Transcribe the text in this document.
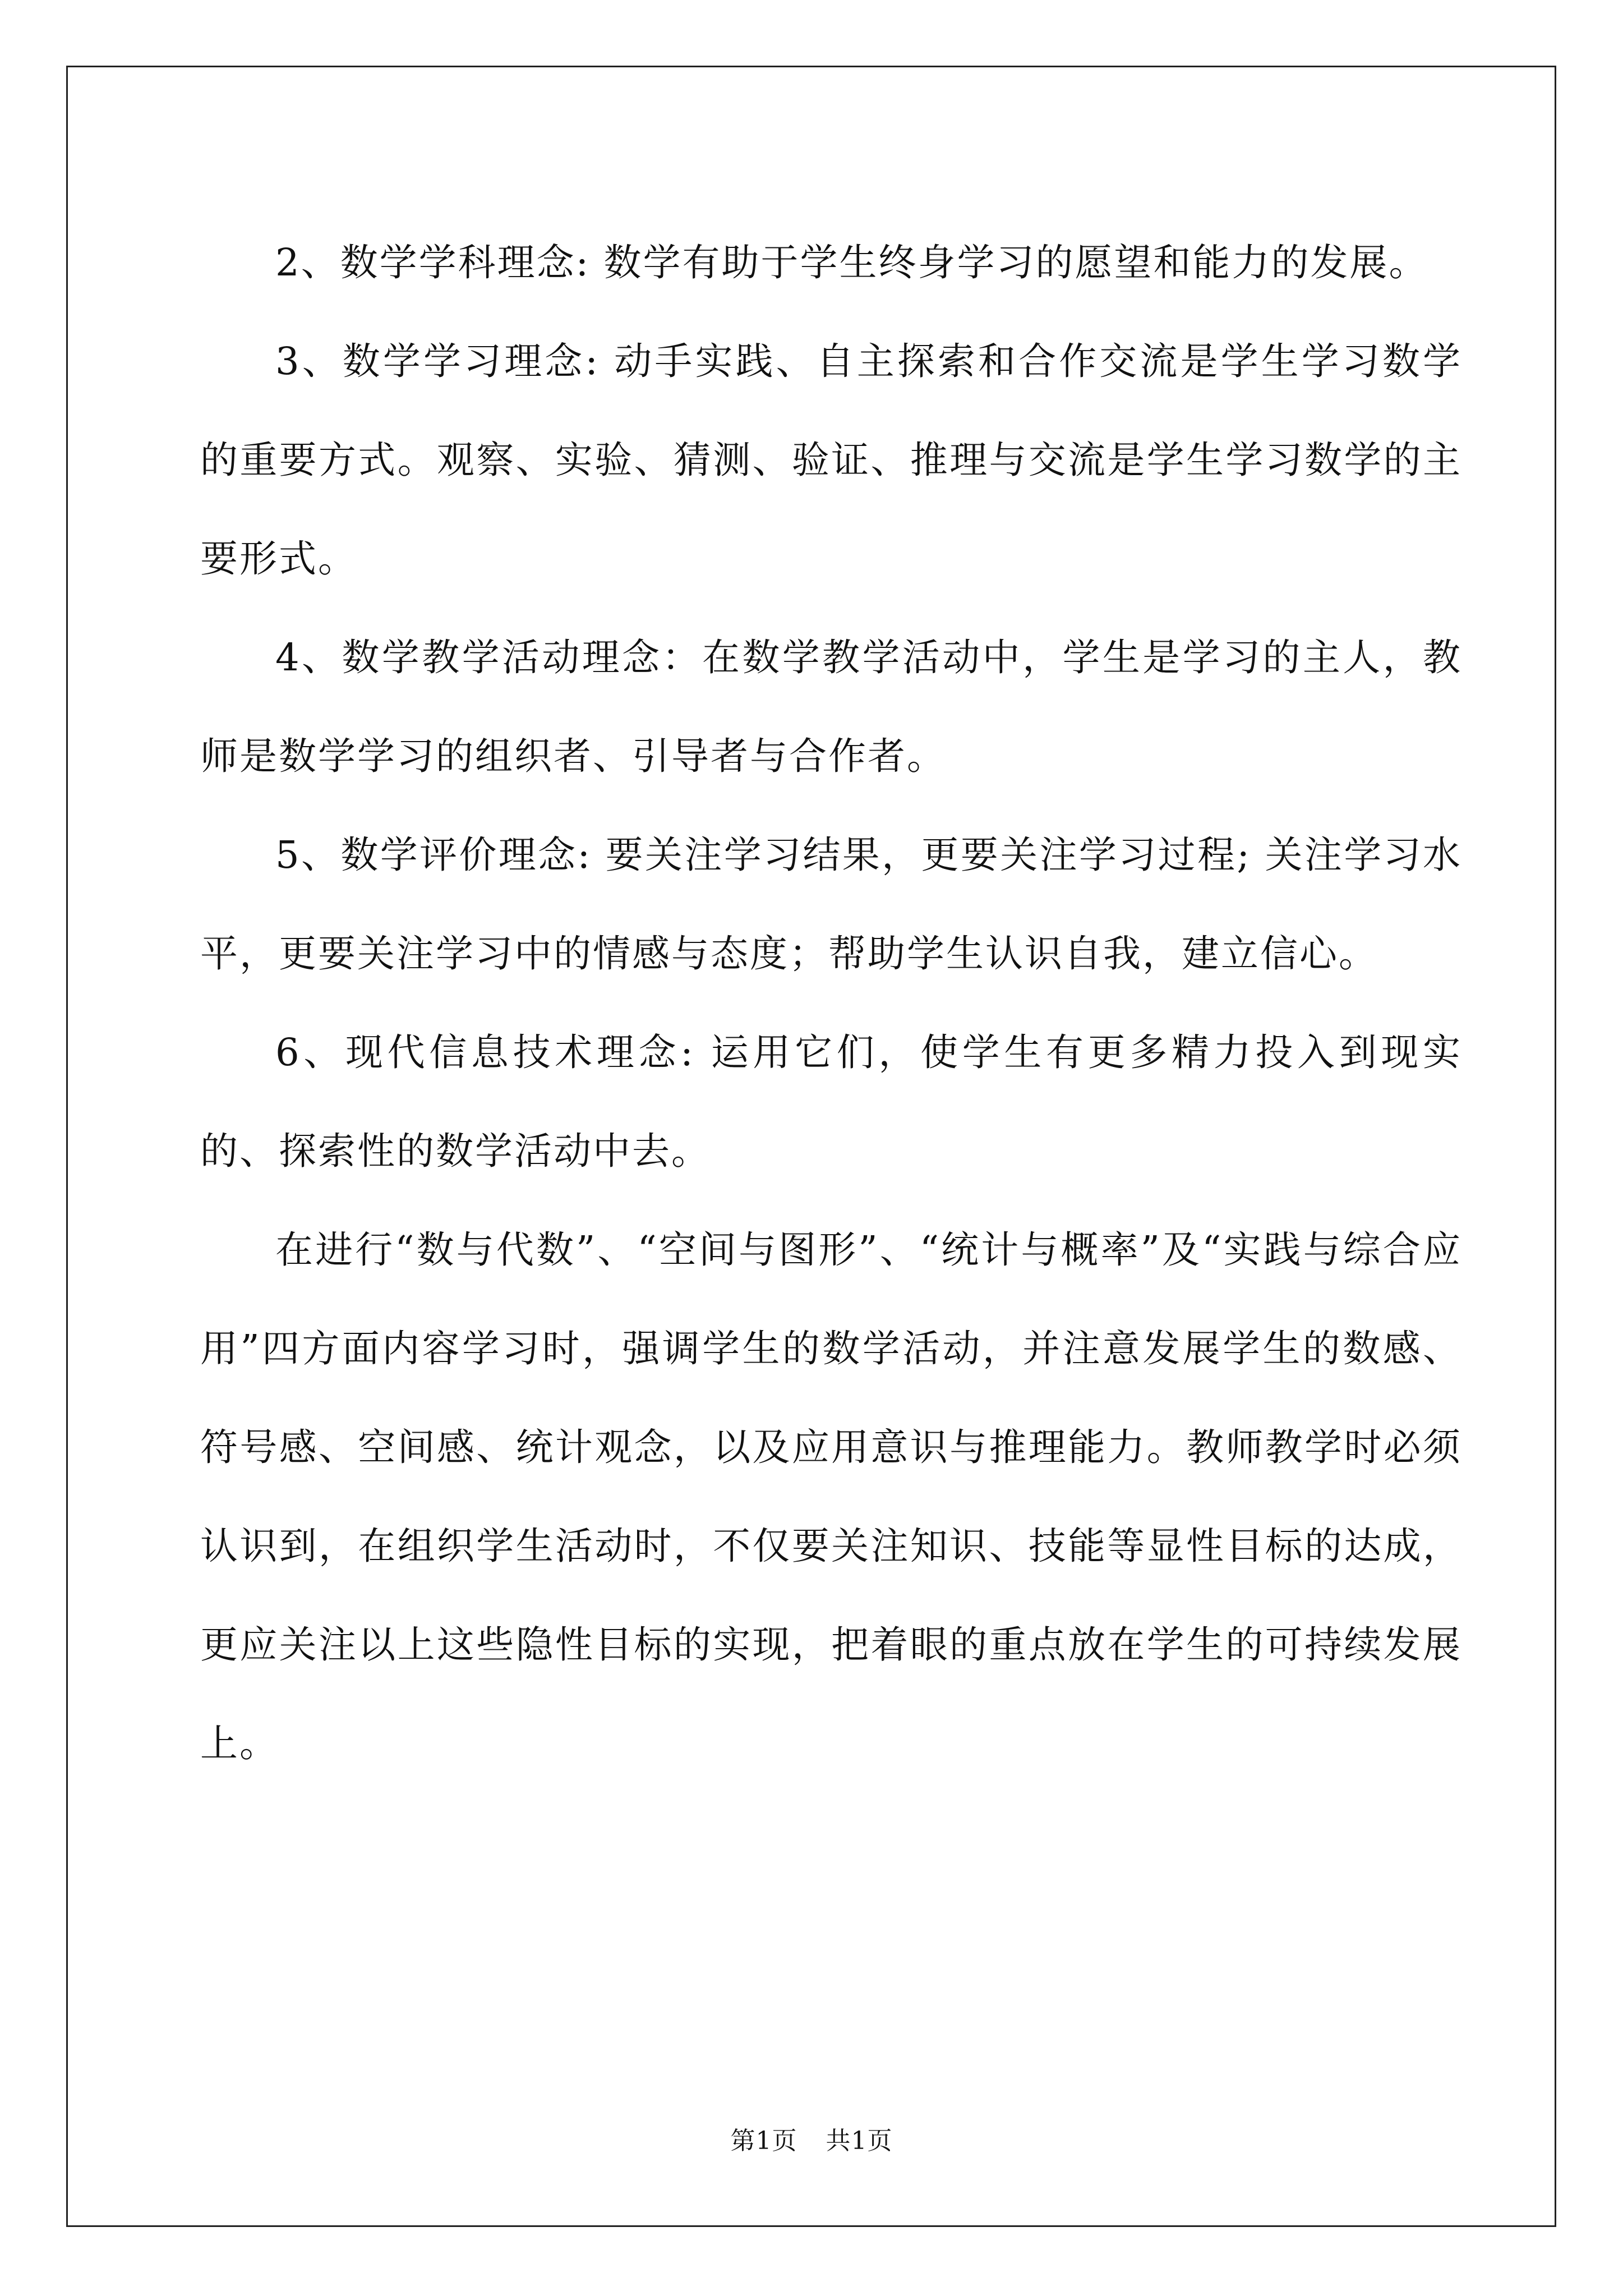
2、数学学科理念: 数学有助于学生终身学习的愿望和能力的发展。

3、数学学习理念: 动手实践、自主探索和合作交流是学生学习数学的重要方式。观察、实验、猜测、验证、推理与交流是学生学习数学的主要形式。

4、数学教学活动理念：在数学教学活动中，学生是学习的主人，教师是数学学习的组织者、引导者与合作者。

5、数学评价理念: 要关注学习结果，更要关注学习过程; 关注学习水平，更要关注学习中的情感与态度；帮助学生认识自我，建立信心。

6、现代信息技术理念: 运用它们，使学生有更多精力投入到现实的、探索性的数学活动中去。

在进行“数与代数”、“空间与图形”、“统计与概率”及“实践与综合应用”四方面内容学习时，强调学生的数学活动，并注意发展学生的数感、符号感、空间感、统计观念，以及应用意识与推理能力。教师教学时必须认识到，在组织学生活动时，不仅要关注知识、技能等显性目标的达成，更应关注以上这些隐性目标的实现，把着眼的重点放在学生的可持续发展上。

第1页 共1页
